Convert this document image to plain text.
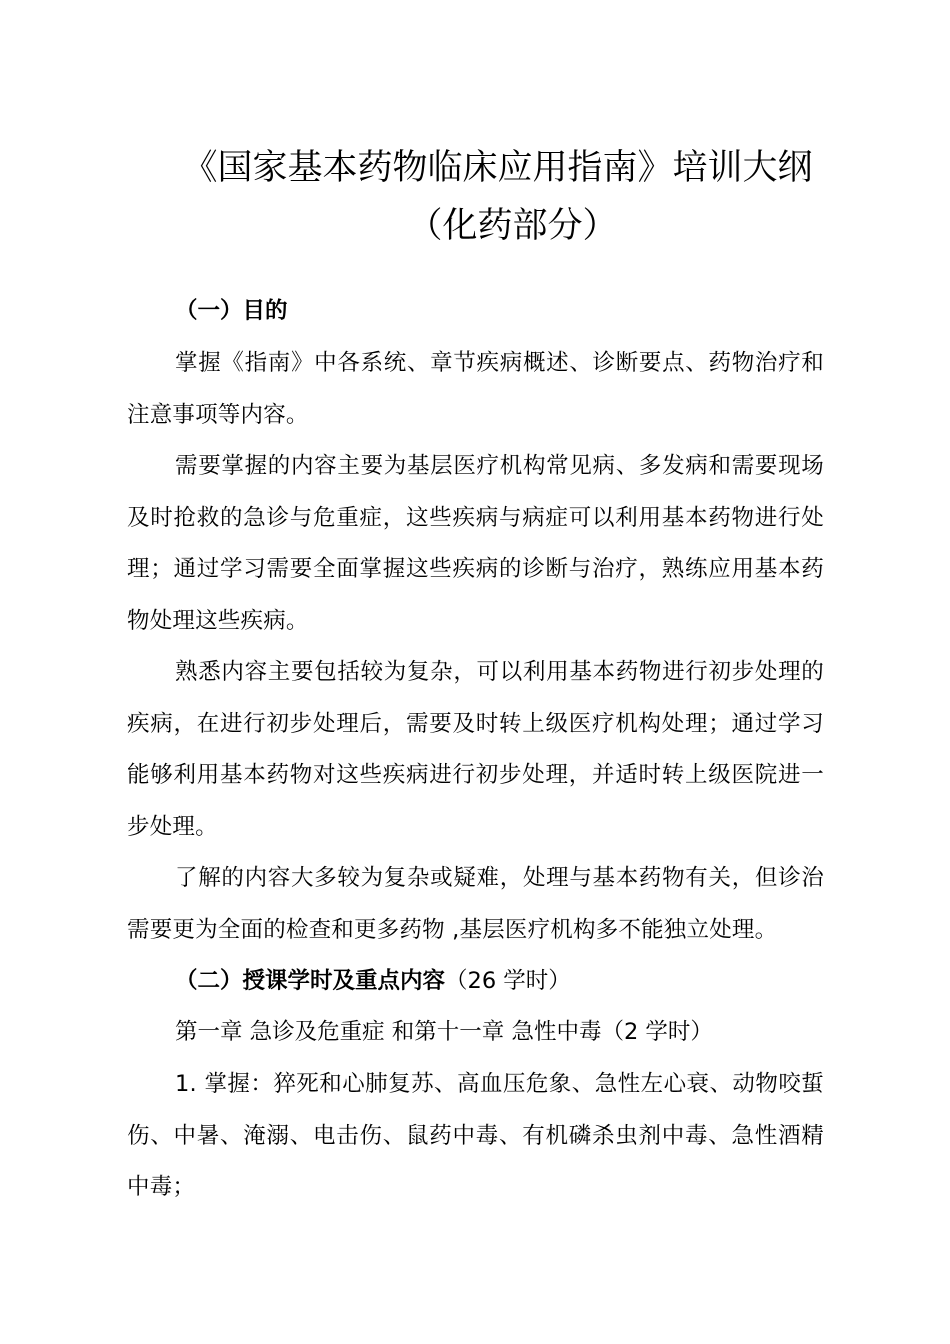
《国家基本药物临床应用指南》培训大纲
（化药部分）

（一）目的

掌握《指南》中各系统、章节疾病概述、诊断要点、药物治疗和注意事项等内容。

需要掌握的内容主要为基层医疗机构常见病、多发病和需要现场及时抢救的急诊与危重症，这些疾病与病症可以利用基本药物进行处理；通过学习需要全面掌握这些疾病的诊断与治疗，熟练应用基本药物处理这些疾病。

熟悉内容主要包括较为复杂，可以利用基本药物进行初步处理的疾病，在进行初步处理后，需要及时转上级医疗机构处理；通过学习能够利用基本药物对这些疾病进行初步处理，并适时转上级医院进一步处理。

了解的内容大多较为复杂或疑难，处理与基本药物有关，但诊治需要更为全面的检查和更多药物 ,基层医疗机构多不能独立处理。

（二）授课学时及重点内容（26 学时）

第一章 急诊及危重症 和第十一章 急性中毒（2 学时）

1. 掌握：猝死和心肺复苏、高血压危象、急性左心衰、动物咬蜇伤、中暑、淹溺、电击伤、鼠药中毒、有机磷杀虫剂中毒、急性酒精中毒；
